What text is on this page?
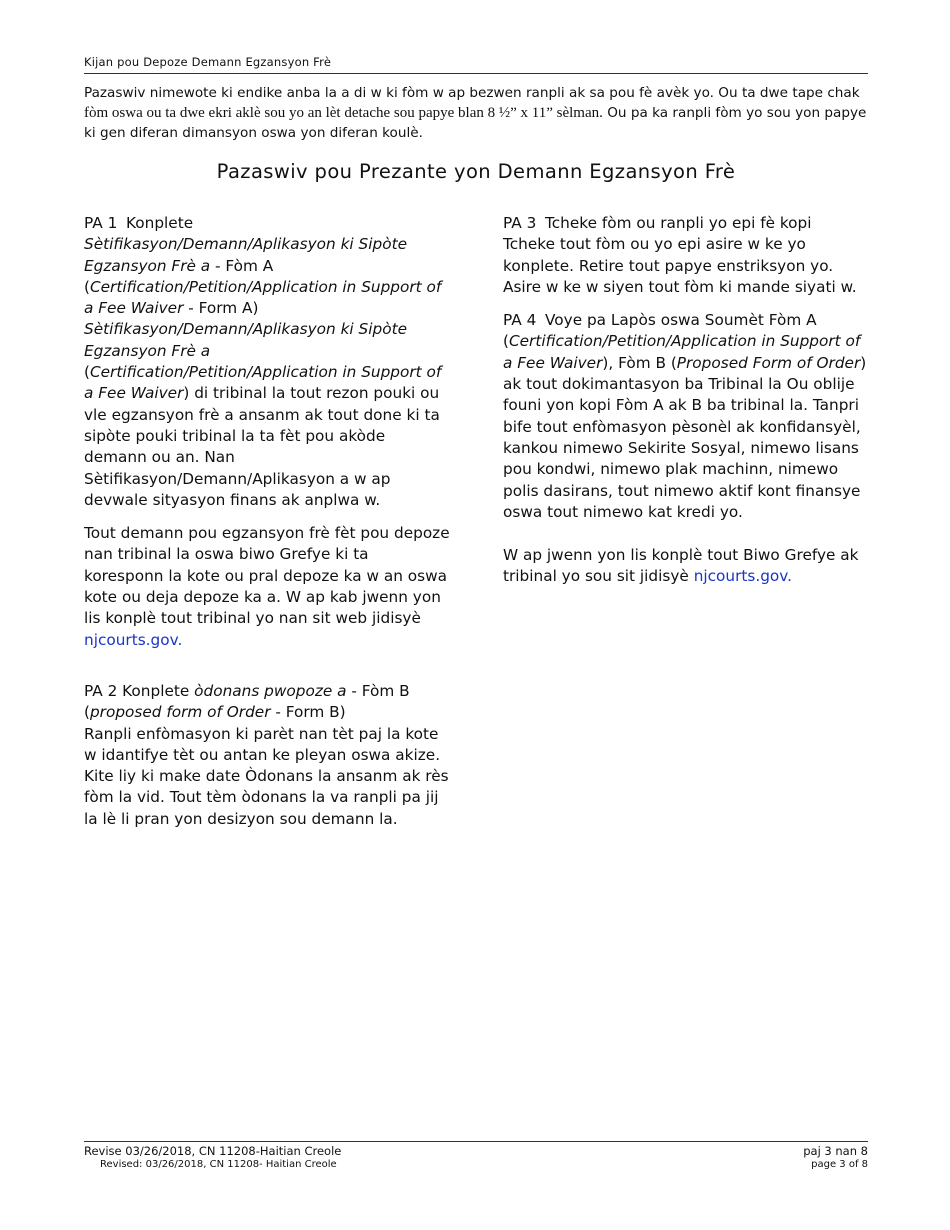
Kijan pou Depoze Demann Egzansyon Frè

Pazaswiv nimewote ki endike anba la a di w ki fòm w ap bezwen ranpli ak sa pou fè avèk yo. Ou ta dwe tape chak fòm oswa ou ta dwe ekri aklè sou yo an lèt detache sou papye blan 8 ½” x 11” sèlman. Ou pa ka ranpli fòm yo sou yon papye ki gen diferan dimansyon oswa yon diferan koulè.

Pazaswiv pou Prezante yon Demann Egzansyon Frè
PA 1 Konplete
Sètifikasyon/Demann/Aplikasyon ki Sipòte Egzansyon Frè a - Fòm A
(Certification/Petition/Application in Support of a Fee Waiver - Form A)
Sètifikasyon/Demann/Aplikasyon ki Sipòte Egzansyon Frè a
(Certification/Petition/Application in Support of a Fee Waiver) di tribinal la tout rezon pouki ou vle egzansyon frè a ansanm ak tout done ki ta sipòte pouki tribinal la ta fèt pou akòde demann ou an. Nan Sètifikasyon/Demann/Aplikasyon a w ap devwale sityasyon finans ak anplwa w.
Tout demann pou egzansyon frè fèt pou depoze nan tribinal la oswa biwo Grefye ki ta koresponn la kote ou pral depoze ka w an oswa kote ou deja depoze ka a. W ap kab jwenn yon lis konplè tout tribinal yo nan sit web jidisyè njcourts.gov.
PA 2 Konplete òdonans pwopoze a - Fòm B
(proposed form of Order - Form B)
Ranpli enfòmasyon ki parèt nan tèt paj la kote w idantifye tèt ou antan ke pleyan oswa akize. Kite liy ki make date Òdonans la ansanm ak rès fòm la vid. Tout tèm òdonans la va ranpli pa jij la lè li pran yon desizyon sou demann la.
PA 3 Tcheke fòm ou ranpli yo epi fè kopi
Tcheke tout fòm ou yo epi asire w ke yo konplete. Retire tout papye enstriksyon yo. Asire w ke w siyen tout fòm ki mande siyati w.
PA 4 Voye pa Lapòs oswa Soumèt Fòm A
(Certification/Petition/Application in Support of a Fee Waiver), Fòm B (Proposed Form of Order) ak tout dokimantasyon ba Tribinal la Ou oblije founi yon kopi Fòm A ak B ba tribinal la. Tanpri bife tout enfòmasyon pèsonèl ak konfidansyèl, kankou nimewo Sekirite Sosyal, nimewo lisans pou kondwi, nimewo plak machinn, nimewo polis dasirans, tout nimewo aktif kont finansye oswa tout nimewo kat kredi yo.
W ap jwenn yon lis konplè tout Biwo Grefye ak tribinal yo sou sit jidisyè njcourts.gov.
Revise 03/26/2018, CN 11208-Haitian Creole	paj 3 nan 8
Revised: 03/26/2018, CN 11208- Haitian Creole	page 3 of 8
